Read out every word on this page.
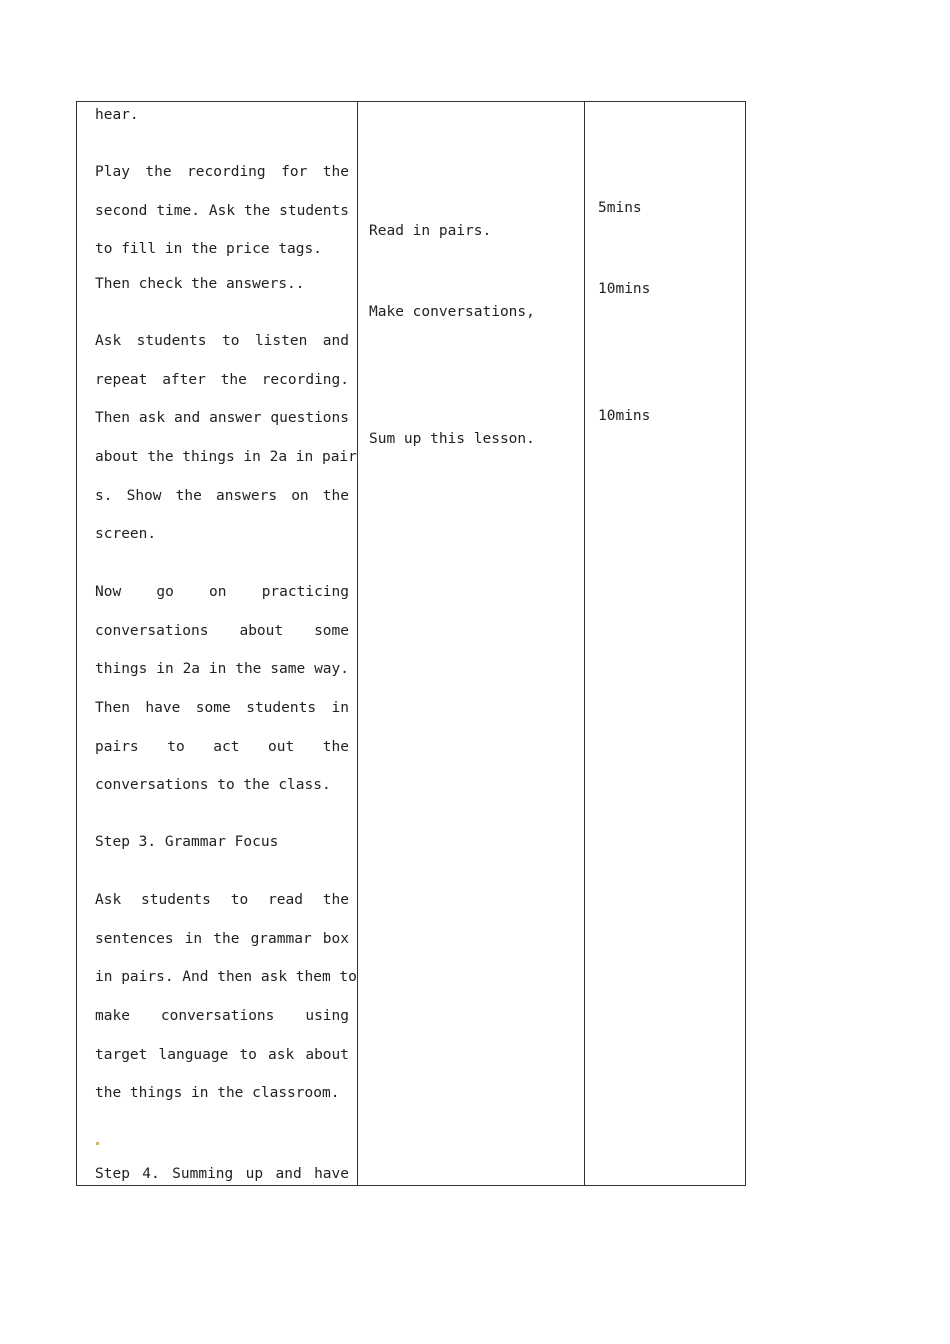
hear.
Play the recording for the
second time. Ask the students
to fill in the price tags.
Then check the answers..
Ask students to listen and
repeat after the recording.
Then ask and answer questions
about the things in 2a in pair
s. Show the answers on the
screen.
Now go on practicing
conversations about some
things in 2a in the same way.
Then have some students in
pairs to act out the
conversations to the class.
Step 3. Grammar Focus
Ask students to read the
sentences in the grammar box
in pairs. And then ask them to
make conversations using
target language to ask about
the things in the classroom.
Step 4. Summing up and have
Read in pairs.
Make conversations,
Sum up this lesson.
5mins
10mins
10mins
